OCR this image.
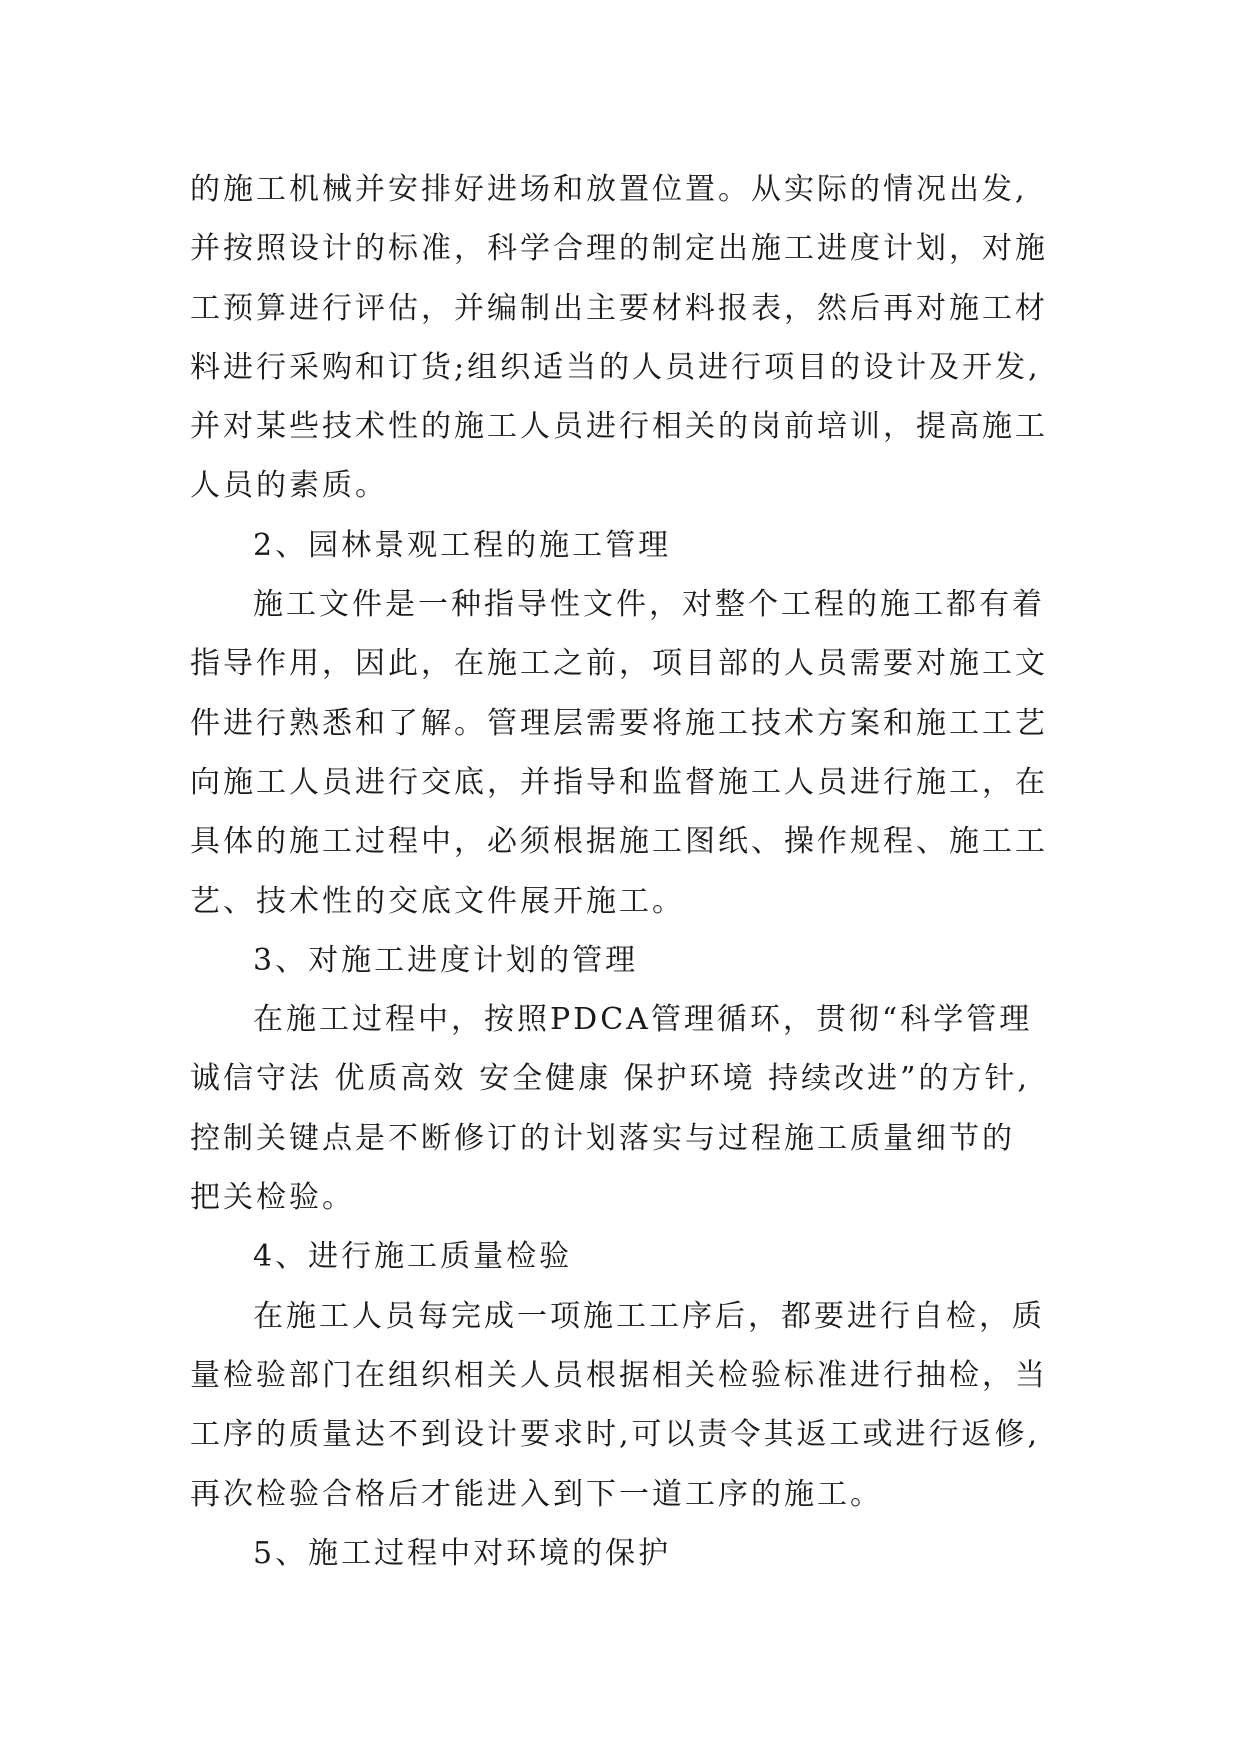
的施工机械并安排好进场和放置位置。从实际的情况出发,
并按照设计的标准，科学合理的制定出施工进度计划，对施
工预算进行评估，并编制出主要材料报表，然后再对施工材
料进行采购和订货;组织适当的人员进行项目的设计及开发,
并对某些技术性的施工人员进行相关的岗前培训，提高施工
人员的素质。
2、园林景观工程的施工管理
施工文件是一种指导性文件，对整个工程的施工都有着
指导作用，因此，在施工之前，项目部的人员需要对施工文
件进行熟悉和了解。管理层需要将施工技术方案和施工工艺
向施工人员进行交底，并指导和监督施工人员进行施工，在
具体的施工过程中，必须根据施工图纸、操作规程、施工工
艺、技术性的交底文件展开施工。
3、对施工进度计划的管理
在施工过程中，按照PDCA管理循环，贯彻“科学管理
诚信守法 优质高效 安全健康 保护环境 持续改进”的方针,
控制关键点是不断修订的计划落实与过程施工质量细节的
把关检验。
4、进行施工质量检验
在施工人员每完成一项施工工序后，都要进行自检，质
量检验部门在组织相关人员根据相关检验标准进行抽检，当
工序的质量达不到设计要求时,可以责令其返工或进行返修,
再次检验合格后才能进入到下一道工序的施工。
5、施工过程中对环境的保护
